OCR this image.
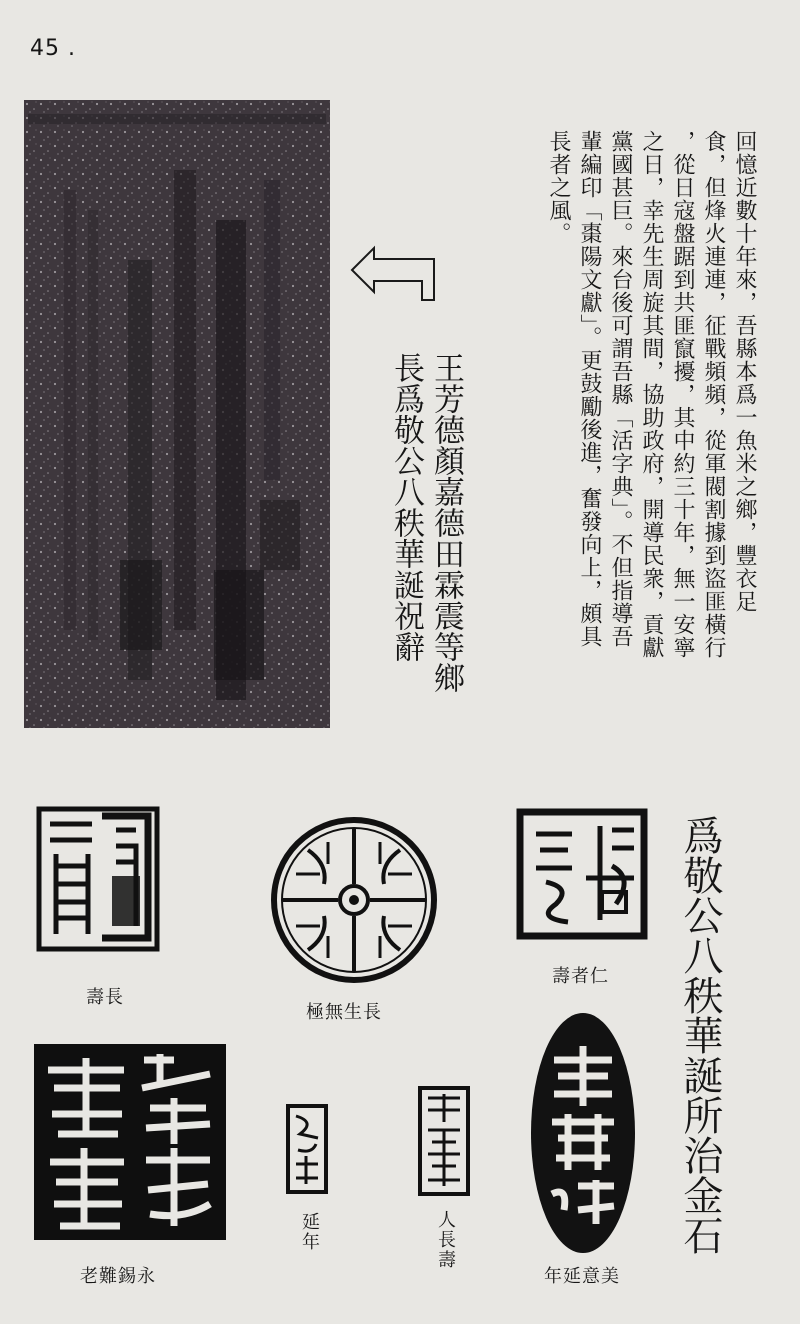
45 .
回憶近數十年來，吾縣本爲一魚米之鄉，豐衣足
食，但烽火連連，征戰頻頻，從軍閥割據到盜匪橫行
，從日寇盤踞到共匪竄擾，其中約三十年，無一安寧
之日，幸先生周旋其間，協助政府，開導民衆，貢獻
黨國甚巨。來台後可謂吾縣「活字典」。不但指導吾
輩編印「棗陽文獻」。更鼓勵後進，奮發向上，頗具
長者之風。
王芳德顏嘉德田霖震等鄉
長爲敬公八秩華誕祝辭
爲敬公八秩華誕所治金石
壽長
極無生長
壽者仁
老難錫永
延年	人長壽
年延意美
